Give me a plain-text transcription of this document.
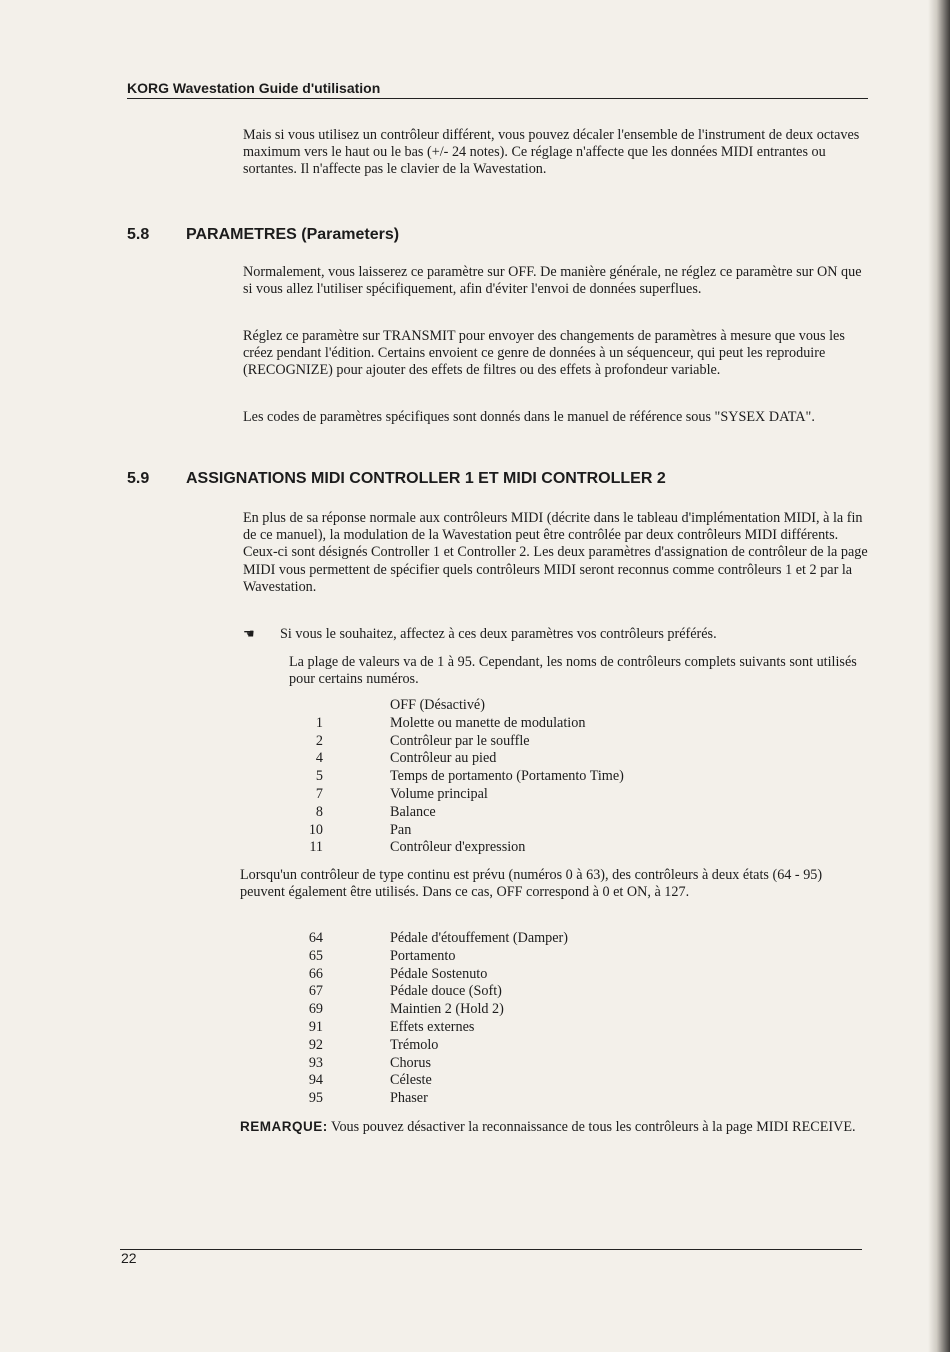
KORG Wavestation Guide d'utilisation

Mais si vous utilisez un contrôleur différent, vous pouvez décaler l'ensemble de l'instrument de deux octaves maximum vers le haut ou le bas (+/- 24 notes). Ce réglage n'affecte que les données MIDI entrantes ou sortantes. Il n'affecte pas le clavier de la Wavestation.

5.8 PARAMETRES (Parameters)

Normalement, vous laisserez ce paramètre sur OFF. De manière générale, ne réglez ce paramètre sur ON que si vous allez l'utiliser spécifiquement, afin d'éviter l'envoi de données superflues.

Réglez ce paramètre sur TRANSMIT pour envoyer des changements de paramètres à mesure que vous les créez pendant l'édition. Certains envoient ce genre de données à un séquenceur, qui peut les reproduire (RECOGNIZE) pour ajouter des effets de filtres ou des effets à profondeur variable.

Les codes de paramètres spécifiques sont donnés dans le manuel de référence sous "SYSEX DATA".

5.9 ASSIGNATIONS MIDI CONTROLLER 1 ET MIDI CONTROLLER 2

En plus de sa réponse normale aux contrôleurs MIDI (décrite dans le tableau d'implémentation MIDI, à la fin de ce manuel), la modulation de la Wavestation peut être contrôlée par deux contrôleurs MIDI différents. Ceux-ci sont désignés Controller 1 et Controller 2. Les deux paramètres d'assignation de contrôleur de la page MIDI vous permettent de spécifier quels contrôleurs MIDI seront reconnus comme contrôleurs 1 et 2 par la Wavestation.

☚ Si vous le souhaitez, affectez à ces deux paramètres vos contrôleurs préférés.

La plage de valeurs va de 1 à 95. Cependant, les noms de contrôleurs complets suivants sont utilisés pour certains numéros.

OFF (Désactivé)
1	Molette ou manette de modulation
2	Contrôleur par le souffle
4	Contrôleur au pied
5	Temps de portamento (Portamento Time)
7	Volume principal
8	Balance
10	Pan
11	Contrôleur d'expression

Lorsqu'un contrôleur de type continu est prévu (numéros 0 à 63), des contrôleurs à deux états (64 - 95) peuvent également être utilisés. Dans ce cas, OFF correspond à 0 et ON, à 127.

64	Pédale d'étouffement (Damper)
65	Portamento
66	Pédale Sostenuto
67	Pédale douce (Soft)
69	Maintien 2 (Hold 2)
91	Effets externes
92	Trémolo
93	Chorus
94	Céleste
95	Phaser

REMARQUE: Vous pouvez désactiver la reconnaissance de tous les contrôleurs à la page MIDI RECEIVE.

22
